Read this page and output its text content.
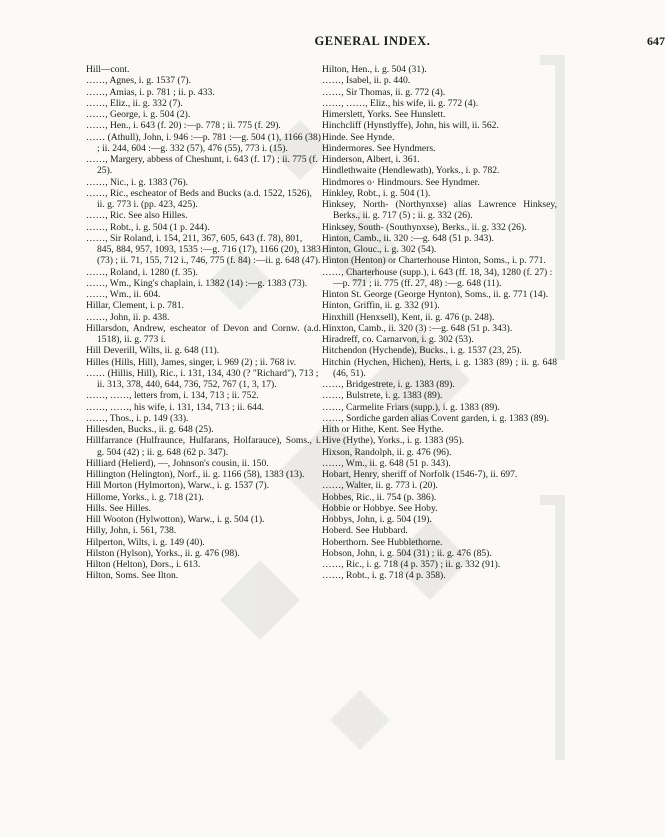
GENERAL INDEX.	647

Hill—cont.

……, Agnes, i. g. 1537 (7).

……, Amias, i. p. 781 ; ii. p. 433.

……, Eliz., ii. g. 332 (7).

……, George, i. g. 504 (2).

……, Hen., i. 643 (f. 20) :—p. 778 ; ii. 775 (f. 29).

…… (Athull), John, i. 946 :—p. 781 :—g. 504 (1), 1166 (38) ; ii. 244, 604 :—g. 332 (57), 476 (55), 773 i. (15).

……, Margery, abbess of Cheshunt, i. 643 (f. 17) ; ii. 775 (f. 25).

……, Nic., i. g. 1383 (76).

……, Ric., escheator of Beds and Bucks (a.d. 1522, 1526), ii. g. 773 i. (pp. 423, 425).

……, Ric. See also Hilles.

……, Robt., i. g. 504 (1 p. 244).

……, Sir Roland, i. 154, 211, 367, 605, 643 (f. 78), 801, 845, 884, 957, 1093, 1535 :—g. 716 (17), 1166 (20), 1383 (73) ; ii. 71, 155, 712 i., 746, 775 (f. 84) :—ii. g. 648 (47).

……, Roland, i. 1280 (f. 35).

……, Wm., King's chaplain, i. 1382 (14) :—g. 1383 (73).

……, Wm., ii. 604.

Hillar, Clement, i. p. 781.

……, John, ii. p. 438.

Hillarsdon, Andrew, escheator of Devon and Cornw. (a.d. 1518), ii. g. 773 i.

Hill Deverill, Wilts, ii. g. 648 (11).

Hilles (Hills, Hill), James, singer, i. 969 (2) ; ii. 768 iv.

…… (Hillis, Hill), Ric., i. 131, 134, 430 (? "Richard"), 713 ; ii. 313, 378, 440, 644, 736, 752, 767 (1, 3, 17).

……, ……, letters from, i. 134, 713 ; ii. 752.

……, ……, his wife, i. 131, 134, 713 ; ii. 644.

……, Thos., i. p. 149 (33).

Hillesden, Bucks., ii. g. 648 (25).

Hillfarrance (Hulfraunce, Hulfarans, Holfarauce), Soms., i. g. 504 (42) ; ii. g. 648 (62 p. 347).

Hilliard (Helierd), —, Johnson's cousin, ii. 150.

Hillington (Helington), Norf., ii. g. 1166 (58), 1383 (13).

Hill Morton (Hylmorton), Warw., i. g. 1537 (7).

Hillome, Yorks., i. g. 718 (21).

Hills. See Hilles.

Hill Wooton (Hylwotton), Warw., i. g. 504 (1).

Hilly, John, i. 561, 738.

Hilperton, Wilts, i. g. 149 (40).

Hilston (Hylson), Yorks., ii. g. 476 (98).

Hilton (Helton), Dors., i. 613.

Hilton, Soms. See Ilton.

Hilton, Hen., i. g. 504 (31).

……, Isabel, ii. p. 440.

……, Sir Thomas, ii. g. 772 (4).

……, ……, Eliz., his wife, ii. g. 772 (4).

Himerslett, Yorks. See Hunslett.

Hinchcliff (Hynstlyffe), John, his will, ii. 562.

Hinde. See Hynde.

Hindermores. See Hyndmers.

Hinderson, Albert, i. 361.

Hindlethwaite (Hendlewath), Yorks., i. p. 782.

Hindmores o· Hindmours. See Hyndmer.

Hinkley, Robt., i. g. 504 (1).

Hinksey, North- (Northynxse) alias Lawrence Hinksey, Berks., ii. g. 717 (5) ; ii. g. 332 (26).

Hinksey, South- (Southynxse), Berks., ii. g. 332 (26).

Hinton, Camb., ii. 320 :—g. 648 (51 p. 343).

Hinton, Glouc., i. g. 302 (54).

Hinton (Henton) or Charterhouse Hinton, Soms., i. p. 771.

……, Charterhouse (supp.), i. 643 (ff. 18, 34), 1280 (f. 27) :—p. 771 ; ii. 775 (ff. 27, 48) :—g. 648 (11).

Hinton St. George (George Hynton), Soms., ii. g. 771 (14).

Hinton, Griffin, ii. g. 332 (91).

Hinxhill (Henxsell), Kent, ii. g. 476 (p. 248).

Hinxton, Camb., ii. 320 (3) :—g. 648 (51 p. 343).

Hiradreff, co. Carnarvon, i. g. 302 (53).

Hitchendon (Hychende), Bucks., i. g. 1537 (23, 25).

Hitchin (Hychen, Hichen), Herts, i. g. 1383 (89) ; ii. g. 648 (46, 51).

……, Bridgestrete, i. g. 1383 (89).

……, Bulstrete, i. g. 1383 (89).

……, Carmelite Friars (supp.), i. g. 1383 (89).

……, Sordiche garden alias Covent garden, i. g. 1383 (89).

Hith or Hithe, Kent. See Hythe.

Hive (Hythe), Yorks., i. g. 1383 (95).

Hixson, Randolph, ii. g. 476 (96).

……, Wm., ii. g. 648 (51 p. 343).

Hobart, Henry, sheriff of Norfolk (1546-7), ii. 697.

……, Walter, ii. g. 773 i. (20).

Hobbes, Ric., ii. 754 (p. 386).

Hobbie or Hobbye. See Hoby.

Hobbys, John, i. g. 504 (19).

Hoberd. See Hubbard.

Hoberthorn. See Hubblethorne.

Hobson, John, i. g. 504 (31) ; ii. g. 476 (85).

……, Ric., i. g. 718 (4 p. 357) ; ii. g. 332 (91).

……, Robt., i. g. 718 (4 p. 358).
